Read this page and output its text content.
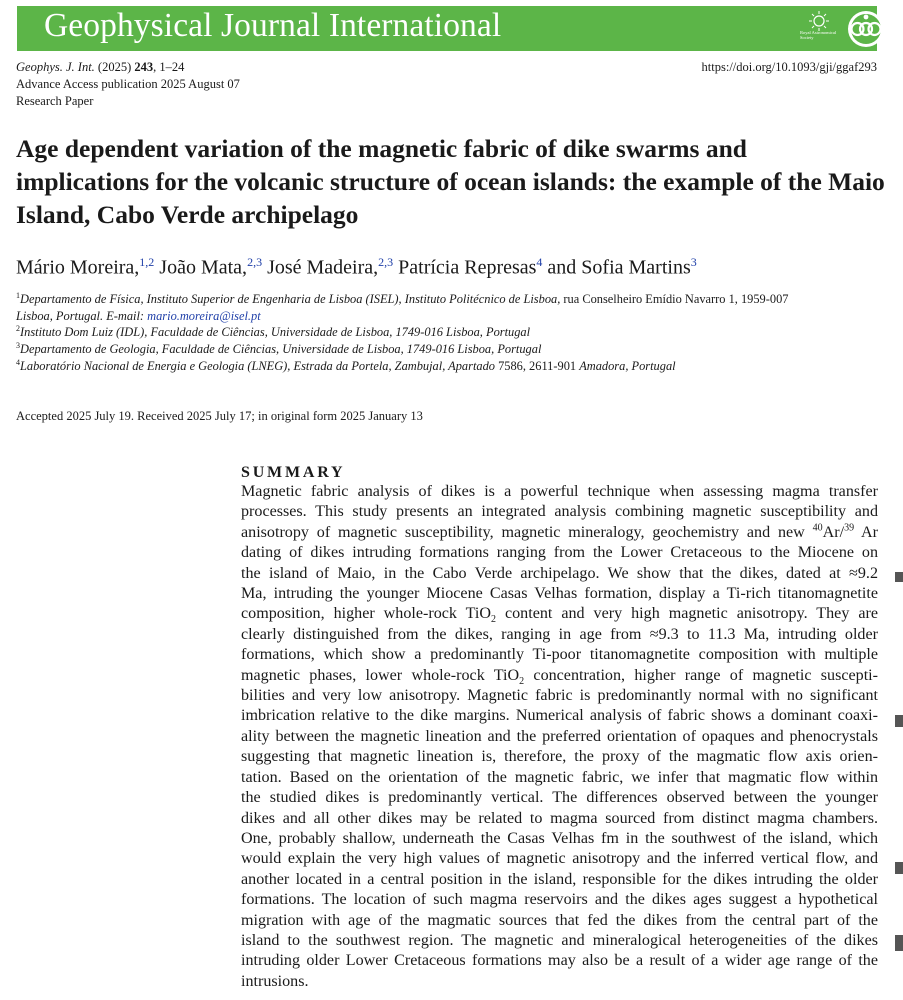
Geophysical Journal International	Royal Astronomical Society
Geophys. J. Int. (2025) 243, 1–24
Advance Access publication 2025 August 07
Research Paper
https://doi.org/10.1093/gji/ggaf293
Age dependent variation of the magnetic fabric of dike swarms and implications for the volcanic structure of ocean islands: the example of the Maio Island, Cabo Verde archipelago
Mário Moreira,$^{1,2}$ João Mata,$^{2,3}$ José Madeira,$^{2,3}$ Patrícia Represas$^4$ and Sofia Martins$^3$
$^1$Departamento de Física, Instituto Superior de Engenharia de Lisboa (ISEL), Instituto Politécnico de Lisboa, rua Conselheiro Emídio Navarro 1, 1959-007
Lisboa, Portugal. E-mail: mario.moreira@isel.pt
$^2$Instituto Dom Luiz (IDL), Faculdade de Ciências, Universidade de Lisboa, 1749-016 Lisboa, Portugal
$^3$Departamento de Geologia, Faculdade de Ciências, Universidade de Lisboa, 1749-016 Lisboa, Portugal
$^4$Laboratório Nacional de Energia e Geologia (LNEG), Estrada da Portela, Zambujal, Apartado 7586, 2611-901 Amadora, Portugal
Accepted 2025 July 19. Received 2025 July 17; in original form 2025 January 13
SUMMARY
Magnetic fabric analysis of dikes is a powerful technique when assessing magma transfer
processes. This study presents an integrated analysis combining magnetic susceptibility and
anisotropy of magnetic susceptibility, magnetic mineralogy, geochemistry and new $^{40}$Ar/$^{39}$ Ar
dating of dikes intruding formations ranging from the Lower Cretaceous to the Miocene on
the island of Maio, in the Cabo Verde archipelago. We show that the dikes, dated at ≈9.2
Ma, intruding the younger Miocene Casas Velhas formation, display a Ti-rich titanomagnetite
composition, higher whole-rock TiO$_2$ content and very high magnetic anisotropy. They are
clearly distinguished from the dikes, ranging in age from ≈9.3 to 11.3 Ma, intruding older
formations, which show a predominantly Ti-poor titanomagnetite composition with multiple
magnetic phases, lower whole-rock TiO$_2$ concentration, higher range of magnetic suscepti-
bilities and very low anisotropy. Magnetic fabric is predominantly normal with no significant
imbrication relative to the dike margins. Numerical analysis of fabric shows a dominant coaxi-
ality between the magnetic lineation and the preferred orientation of opaques and phenocrystals
suggesting that magnetic lineation is, therefore, the proxy of the magmatic flow axis orien-
tation. Based on the orientation of the magnetic fabric, we infer that magmatic flow within
the studied dikes is predominantly vertical. The differences observed between the younger
dikes and all other dikes may be related to magma sourced from distinct magma chambers.
One, probably shallow, underneath the Casas Velhas fm in the southwest of the island, which
would explain the very high values of magnetic anisotropy and the inferred vertical flow, and
another located in a central position in the island, responsible for the dikes intruding the older
formations. The location of such magma reservoirs and the dikes ages suggest a hypothetical
migration with age of the magmatic sources that fed the dikes from the central part of the
island to the southwest region. The magnetic and mineralogical heterogeneities of the dikes
intruding older Lower Cretaceous formations may also be a result of a wider age range of the
intrusions.
